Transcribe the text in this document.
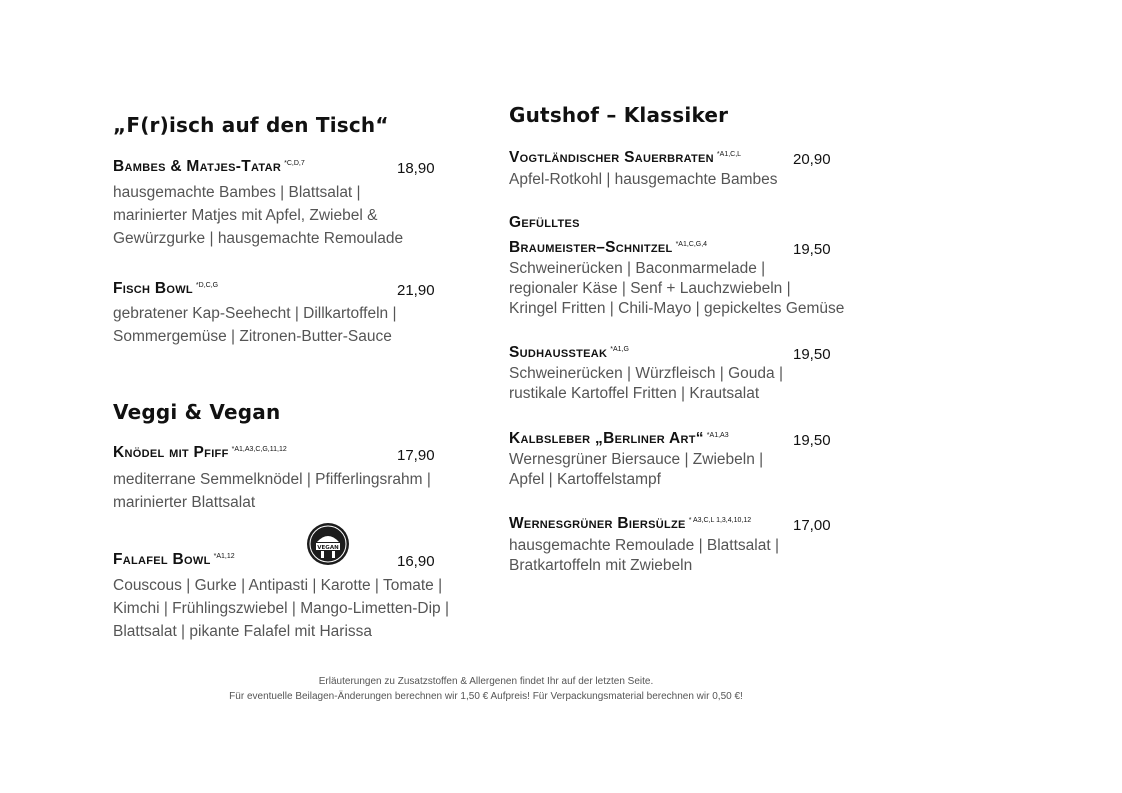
„F(r)isch auf den Tisch“
Bambes & Matjes-Tatar $^{*C,D,7}$	18,90
hausgemachte Bambes | Blattsalat |
marinierter Matjes mit Apfel, Zwiebel &
Gewürzgurke | hausgemachte Remoulade
Fisch Bowl $^{*D,C,G}$	21,90
gebratener Kap-Seehecht | Dillkartoffeln |
Sommergemüse | Zitronen-Butter-Sauce
Veggi & Vegan
Knödel mit Pfiff $^{*A1,A3,C,G,11,12}$	17,90
mediterrane Semmelknödel | Pfifferlingsrahm |
marinierter Blattsalat
VEGAN
Falafel Bowl $^{*A1,12}$	16,90
Couscous | Gurke | Antipasti | Karotte | Tomate |
Kimchi | Frühlingszwiebel | Mango-Limetten-Dip |
Blattsalat | pikante Falafel mit Harissa
Gutshof – Klassiker
Vogtländischer Sauerbraten $^{*A1,C,L}$	20,90
Apfel-Rotkohl | hausgemachte Bambes
Gefülltes
Braumeister–Schnitzel $^{*A1,C,G,4}$	19,50
Schweinerücken | Baconmarmelade |
regionaler Käse | Senf + Lauchzwiebeln |
Kringel Fritten | Chili-Mayo | gepickeltes Gemüse
Sudhaussteak $^{*A1,G}$	19,50
Schweinerücken | Würzfleisch | Gouda |
rustikale Kartoffel Fritten | Krautsalat
Kalbsleber „Berliner Art“ $^{*A1,A3}$	19,50
Wernesgrüner Biersauce | Zwiebeln |
Apfel | Kartoffelstampf
Wernesgrüner Biersülze $^{* A3,C,L 1,3,4,10,12}$	17,00
hausgemachte Remoulade | Blattsalat |
Bratkartoffeln mit Zwiebeln
Erläuterungen zu Zusatzstoffen & Allergenen findet Ihr auf der letzten Seite.
Für eventuelle Beilagen-Änderungen berechnen wir 1,50 € Aufpreis! Für Verpackungsmaterial berechnen wir 0,50 €!
